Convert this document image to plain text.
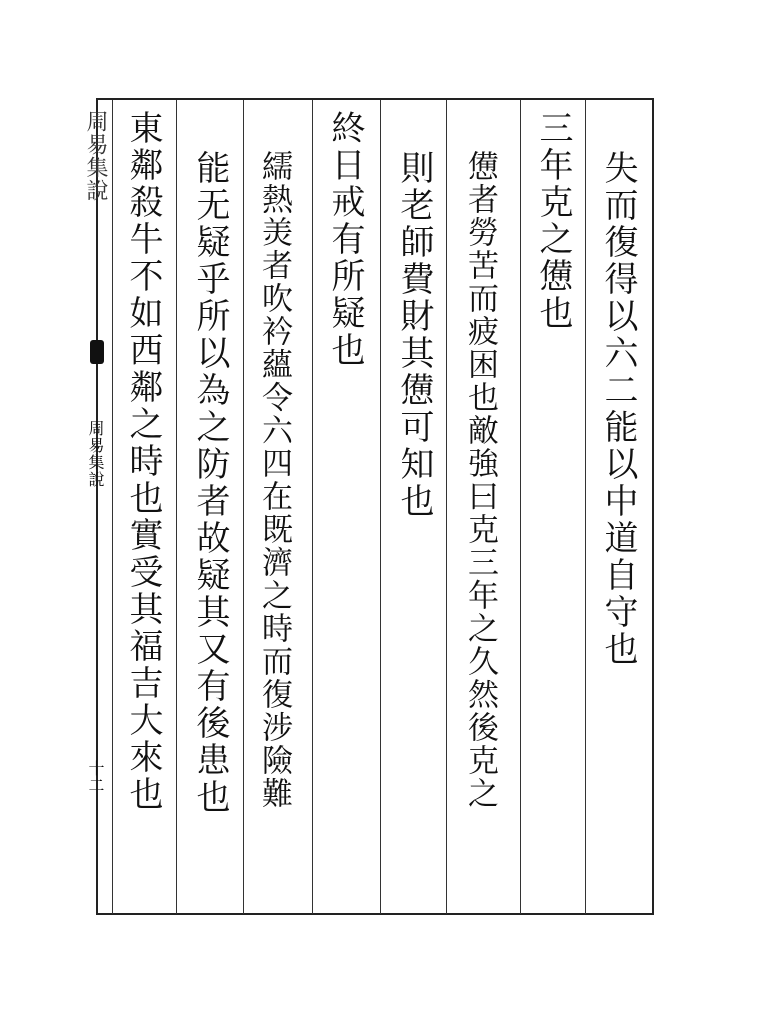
失而復得以六二能以中道自守也
三年克之憊也
憊者勞苦而疲困也敵強曰克三年之久然後克之
則老師費財其憊可知也
終日戒有所疑也
繻熱羙者吹衿蘊令六四在既濟之時而復涉險難
能无疑乎所以為之防者故疑其又有後患也
東鄰殺牛不如西鄰之時也實受其福吉大來也
周易集說
周易集說
十二
